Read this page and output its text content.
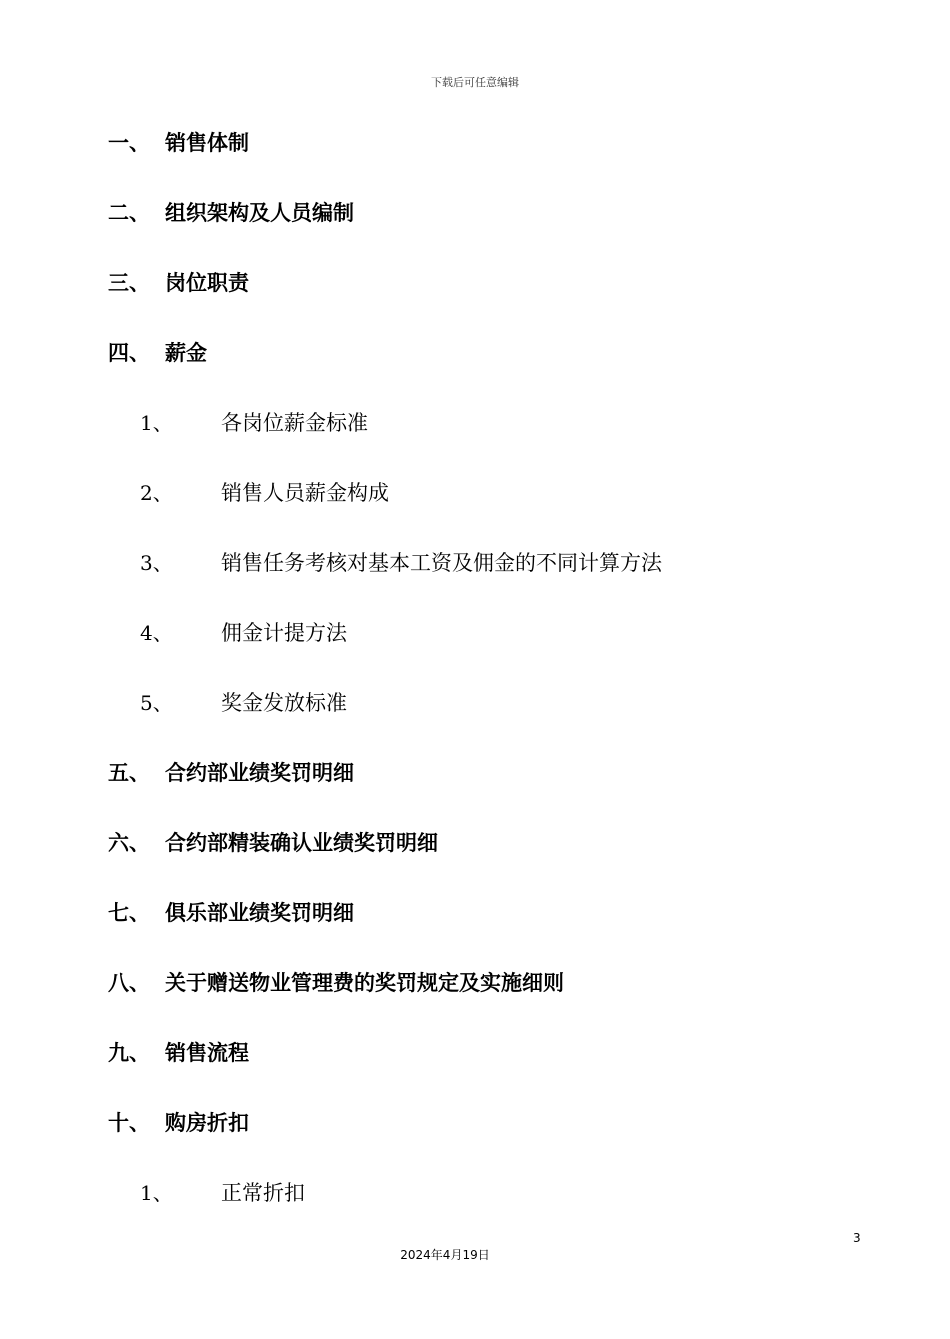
下载后可任意编辑
一、 销售体制
二、 组织架构及人员编制
三、 岗位职责
四、 薪金
1、 各岗位薪金标准
2、 销售人员薪金构成
3、 销售任务考核对基本工资及佣金的不同计算方法
4、 佣金计提方法
5、 奖金发放标准
五、 合约部业绩奖罚明细
六、 合约部精装确认业绩奖罚明细
七、 俱乐部业绩奖罚明细
八、 关于赠送物业管理费的奖罚规定及实施细则
九、 销售流程
十、 购房折扣
1、 正常折扣
3
2024年4月19日
